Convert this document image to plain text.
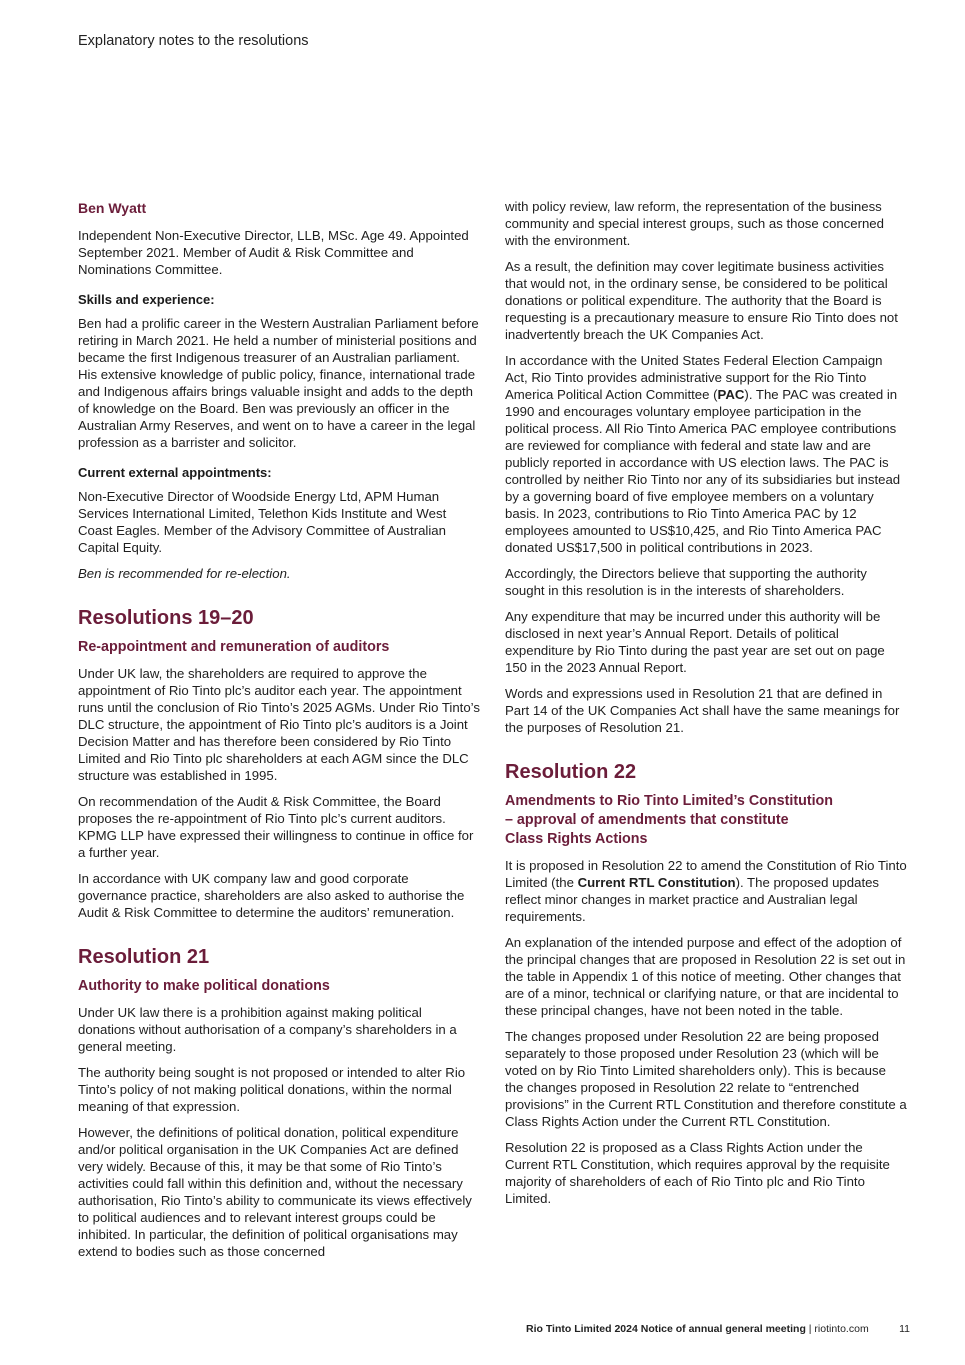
Explanatory notes to the resolutions
Ben Wyatt

Independent Non-Executive Director, LLB, MSc. Age 49. Appointed September 2021. Member of Audit & Risk Committee and Nominations Committee.

Skills and experience:

Ben had a prolific career in the Western Australian Parliament before retiring in March 2021. He held a number of ministerial positions and became the first Indigenous treasurer of an Australian parliament. His extensive knowledge of public policy, finance, international trade and Indigenous affairs brings valuable insight and adds to the depth of knowledge on the Board. Ben was previously an officer in the Australian Army Reserves, and went on to have a career in the legal profession as a barrister and solicitor.

Current external appointments:

Non-Executive Director of Woodside Energy Ltd, APM Human Services International Limited, Telethon Kids Institute and West Coast Eagles. Member of the Advisory Committee of Australian Capital Equity.

Ben is recommended for re-election.

Resolutions 19–20
Re-appointment and remuneration of auditors

Under UK law, the shareholders are required to approve the appointment of Rio Tinto plc’s auditor each year. The appointment runs until the conclusion of Rio Tinto’s 2025 AGMs. Under Rio Tinto’s DLC structure, the appointment of Rio Tinto plc’s auditors is a Joint Decision Matter and has therefore been considered by Rio Tinto Limited and Rio Tinto plc shareholders at each AGM since the DLC structure was established in 1995.

On recommendation of the Audit & Risk Committee, the Board proposes the re-appointment of Rio Tinto plc’s current auditors. KPMG LLP have expressed their willingness to continue in office for a further year.

In accordance with UK company law and good corporate governance practice, shareholders are also asked to authorise the Audit & Risk Committee to determine the auditors’ remuneration.

Resolution 21
Authority to make political donations

Under UK law there is a prohibition against making political donations without authorisation of a company’s shareholders in a general meeting.

The authority being sought is not proposed or intended to alter Rio Tinto’s policy of not making political donations, within the normal meaning of that expression.

However, the definitions of political donation, political expenditure and/or political organisation in the UK Companies Act are defined very widely. Because of this, it may be that some of Rio Tinto’s activities could fall within this definition and, without the necessary authorisation, Rio Tinto’s ability to communicate its views effectively to political audiences and to relevant interest groups could be inhibited. In particular, the definition of political organisations may extend to bodies such as those concerned

with policy review, law reform, the representation of the business community and special interest groups, such as those concerned with the environment.

As a result, the definition may cover legitimate business activities that would not, in the ordinary sense, be considered to be political donations or political expenditure. The authority that the Board is requesting is a precautionary measure to ensure Rio Tinto does not inadvertently breach the UK Companies Act.

In accordance with the United States Federal Election Campaign Act, Rio Tinto provides administrative support for the Rio Tinto America Political Action Committee (PAC). The PAC was created in 1990 and encourages voluntary employee participation in the political process. All Rio Tinto America PAC employee contributions are reviewed for compliance with federal and state law and are publicly reported in accordance with US election laws. The PAC is controlled by neither Rio Tinto nor any of its subsidiaries but instead by a governing board of five employee members on a voluntary basis. In 2023, contributions to Rio Tinto America PAC by 12 employees amounted to US$10,425, and Rio Tinto America PAC donated US$17,500 in political contributions in 2023.

Accordingly, the Directors believe that supporting the authority sought in this resolution is in the interests of shareholders.

Any expenditure that may be incurred under this authority will be disclosed in next year’s Annual Report. Details of political expenditure by Rio Tinto during the past year are set out on page 150 in the 2023 Annual Report.

Words and expressions used in Resolution 21 that are defined in Part 14 of the UK Companies Act shall have the same meanings for the purposes of Resolution 21.

Resolution 22
Amendments to Rio Tinto Limited’s Constitution
– approval of amendments that constitute
Class Rights Actions

It is proposed in Resolution 22 to amend the Constitution of Rio Tinto Limited (the Current RTL Constitution). The proposed updates reflect minor changes in market practice and Australian legal requirements.

An explanation of the intended purpose and effect of the adoption of the principal changes that are proposed in Resolution 22 is set out in the table in Appendix 1 of this notice of meeting. Other changes that are of a minor, technical or clarifying nature, or that are incidental to these principal changes, have not been noted in the table.

The changes proposed under Resolution 22 are being proposed separately to those proposed under Resolution 23 (which will be voted on by Rio Tinto Limited shareholders only). This is because the changes proposed in Resolution 22 relate to “entrenched provisions” in the Current RTL Constitution and therefore constitute a Class Rights Action under the Current RTL Constitution.

Resolution 22 is proposed as a Class Rights Action under the Current RTL Constitution, which requires approval by the requisite majority of shareholders of each of Rio Tinto plc and Rio Tinto Limited.

Rio Tinto Limited 2024 Notice of annual general meeting | riotinto.com	11
